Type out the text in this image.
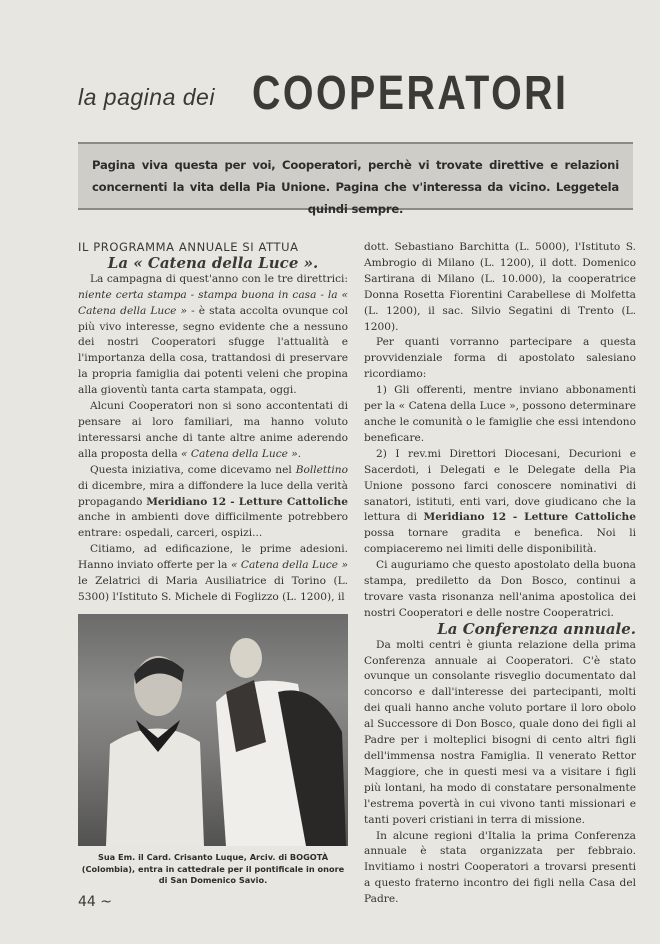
la pagina dei COOPERATORI

Pagina viva questa per voi, Cooperatori, perchè vi trovate direttive e relazioni concernenti la vita della Pia Unione. Pagina che v'interessa da vicino. Leggetela quindi sempre.

IL PROGRAMMA ANNUALE SI ATTUA

La « Catena della Luce ».

La campagna di quest'anno con le tre direttrici: niente certa stampa - stampa buona in casa - la « Catena della Luce » - è stata accolta ovunque col più vivo interesse, segno evidente che a nessuno dei nostri Cooperatori sfugge l'attualità e l'importanza della cosa, trattandosi di preservare la propria famiglia dai potenti veleni che propina alla gioventù tanta carta stampata, oggi.

Alcuni Cooperatori non si sono accontentati di pensare ai loro familiari, ma hanno voluto interessarsi anche di tante altre anime aderendo alla proposta della « Catena della Luce ».

Questa iniziativa, come dicevamo nel Bollettino di dicembre, mira a diffondere la luce della verità propagando Meridiano 12 - Letture Cattoliche anche in ambienti dove difficilmente potrebbero entrare: ospedali, carceri, ospizi...

Citiamo, ad edificazione, le prime adesioni. Hanno inviato offerte per la « Catena della Luce » le Zelatrici di Maria Ausiliatrice di Torino (L. 5300) l'Istituto S. Michele di Foglizzo (L. 1200), il

Sua Em. il Card. Crisanto Luque, Arciv. di BOGOTÀ (Colombia), entra in cattedrale per il pontificale in onore di San Domenico Savio.

dott. Sebastiano Barchitta (L. 5000), l'Istituto S. Ambrogio di Milano (L. 1200), il dott. Domenico Sartirana di Milano (L. 10.000), la cooperatrice Donna Rosetta Fiorentini Carabellese di Molfetta (L. 1200), il sac. Silvio Segatini di Trento (L. 1200).

Per quanti vorranno partecipare a questa provvidenziale forma di apostolato salesiano ricordiamo:

1) Gli offerenti, mentre inviano abbonamenti per la « Catena della Luce », possono determinare anche le comunità o le famiglie che essi intendono beneficare.

2) I rev.mi Direttori Diocesani, Decurioni e Sacerdoti, i Delegati e le Delegate della Pia Unione possono farci conoscere nominativi di sanatori, istituti, enti vari, dove giudicano che la lettura di Meridiano 12 - Letture Cattoliche possa tornare gradita e benefica. Noi li compiaceremo nei limiti delle disponibilità.

Ci auguriamo che questo apostolato della buona stampa, prediletto da Don Bosco, continui a trovare vasta risonanza nell'anima apostolica dei nostri Cooperatori e delle nostre Cooperatrici.

La Conferenza annuale.

Da molti centri è giunta relazione della prima Conferenza annuale ai Cooperatori. C'è stato ovunque un consolante risveglio documentato dal concorso e dall'interesse dei partecipanti, molti dei quali hanno anche voluto portare il loro obolo al Successore di Don Bosco, quale dono dei figli al Padre per i molteplici bisogni di cento altri figli dell'immensa nostra Famiglia. Il venerato Rettor Maggiore, che in questi mesi va a visitare i figli più lontani, ha modo di constatare personalmente l'estrema povertà in cui vivono tanti missionari e tanti poveri cristiani in terra di missione.

In alcune regioni d'Italia la prima Conferenza annuale è stata organizzata per febbraio. Invitiamo i nostri Cooperatori a trovarsi presenti a questo fraterno incontro dei figli nella Casa del Padre.

44 ~
